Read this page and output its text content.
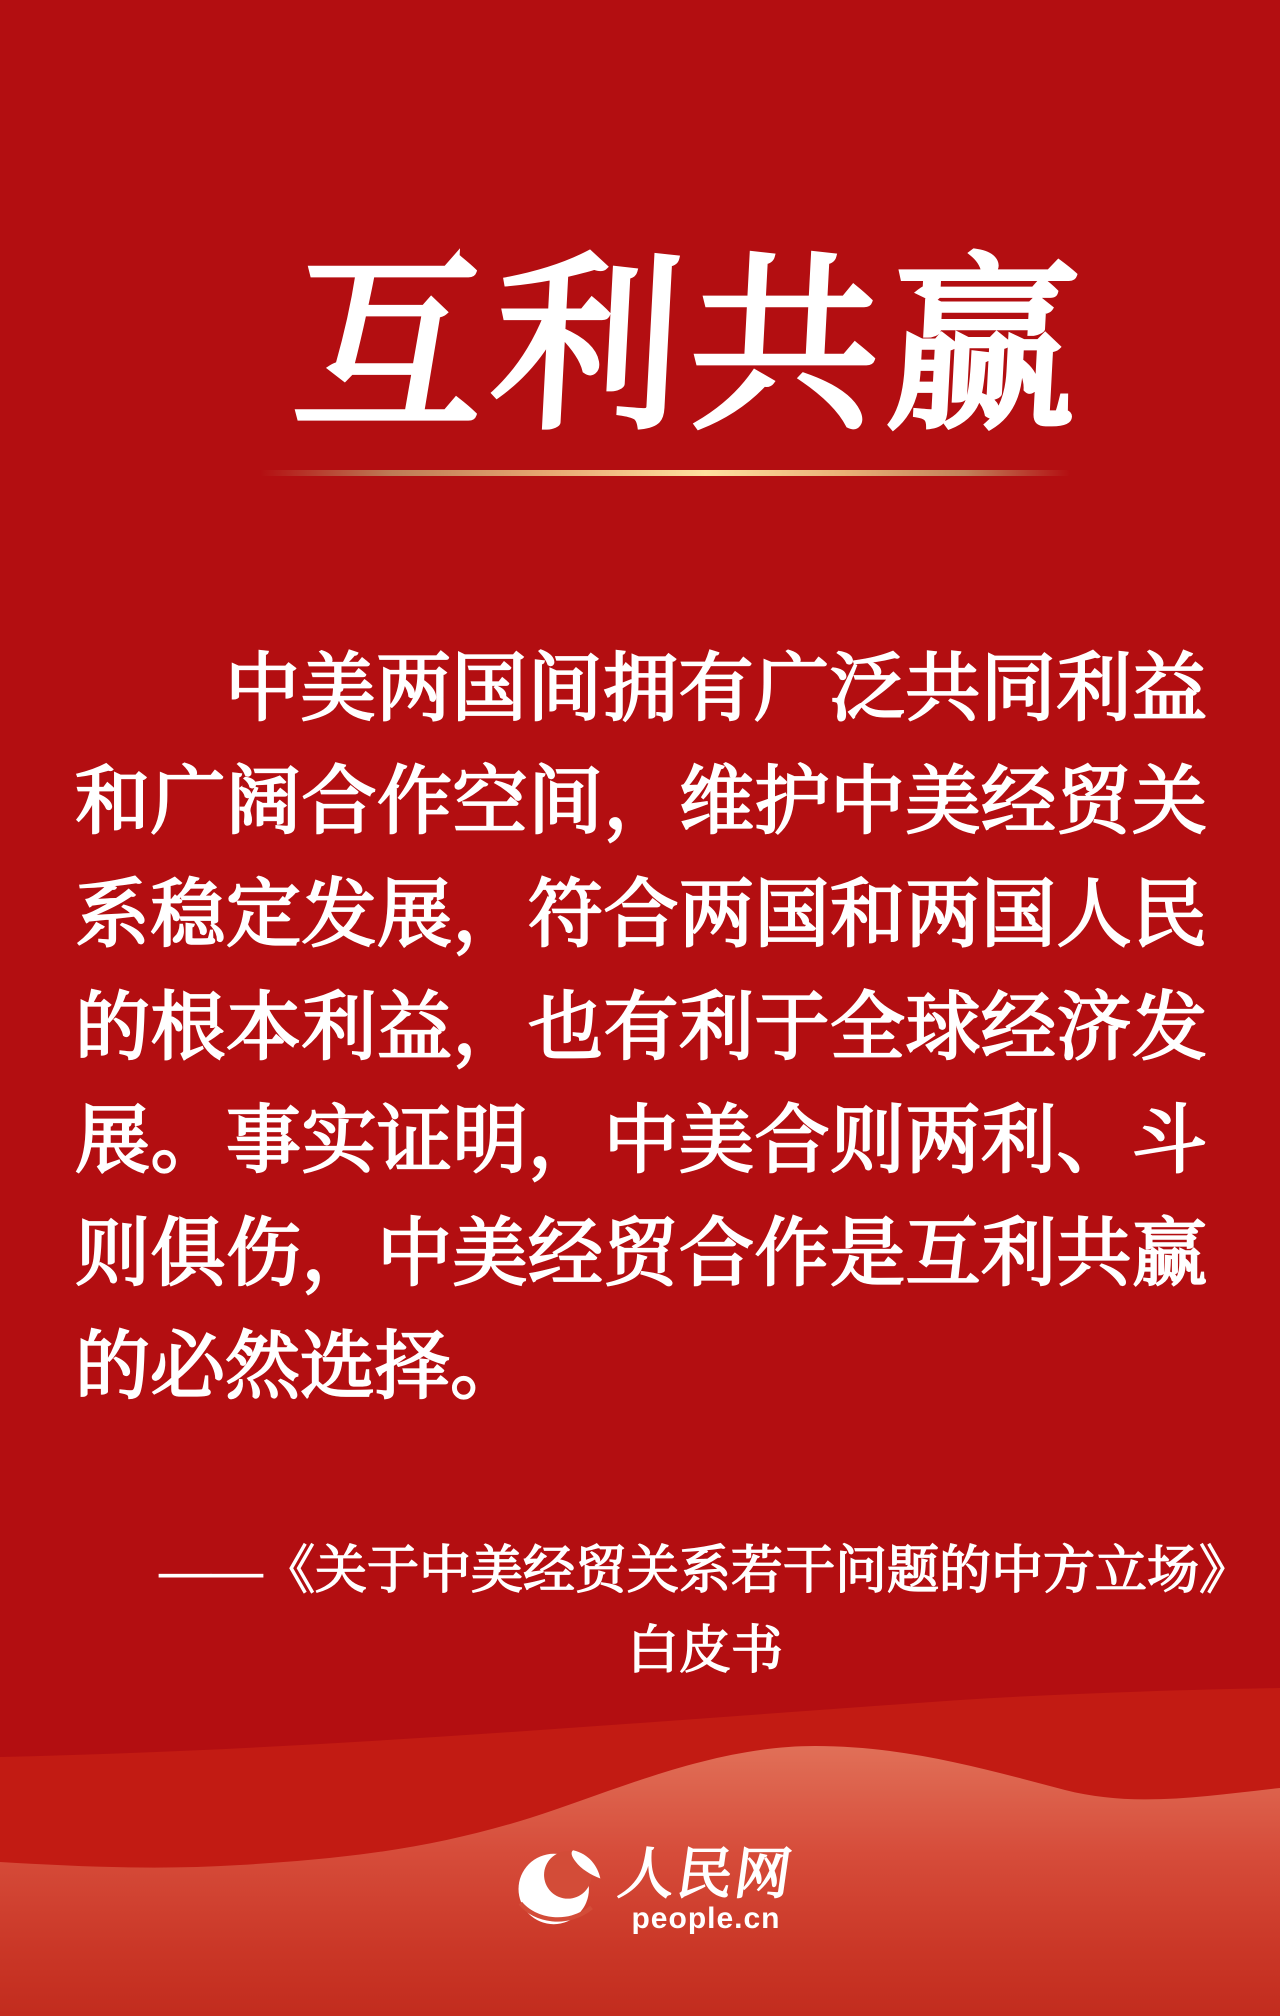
互利共赢
中美两国间拥有广泛共同利益
和广阔合作空间，维护中美经贸关
系稳定发展，符合两国和两国人民
的根本利益，也有利于全球经济发
展。事实证明，中美合则两利、斗
则俱伤，中美经贸合作是互利共赢
的必然选择。
——《关于中美经贸关系若干问题的中方立场》
白皮书
人民网
people.cn
